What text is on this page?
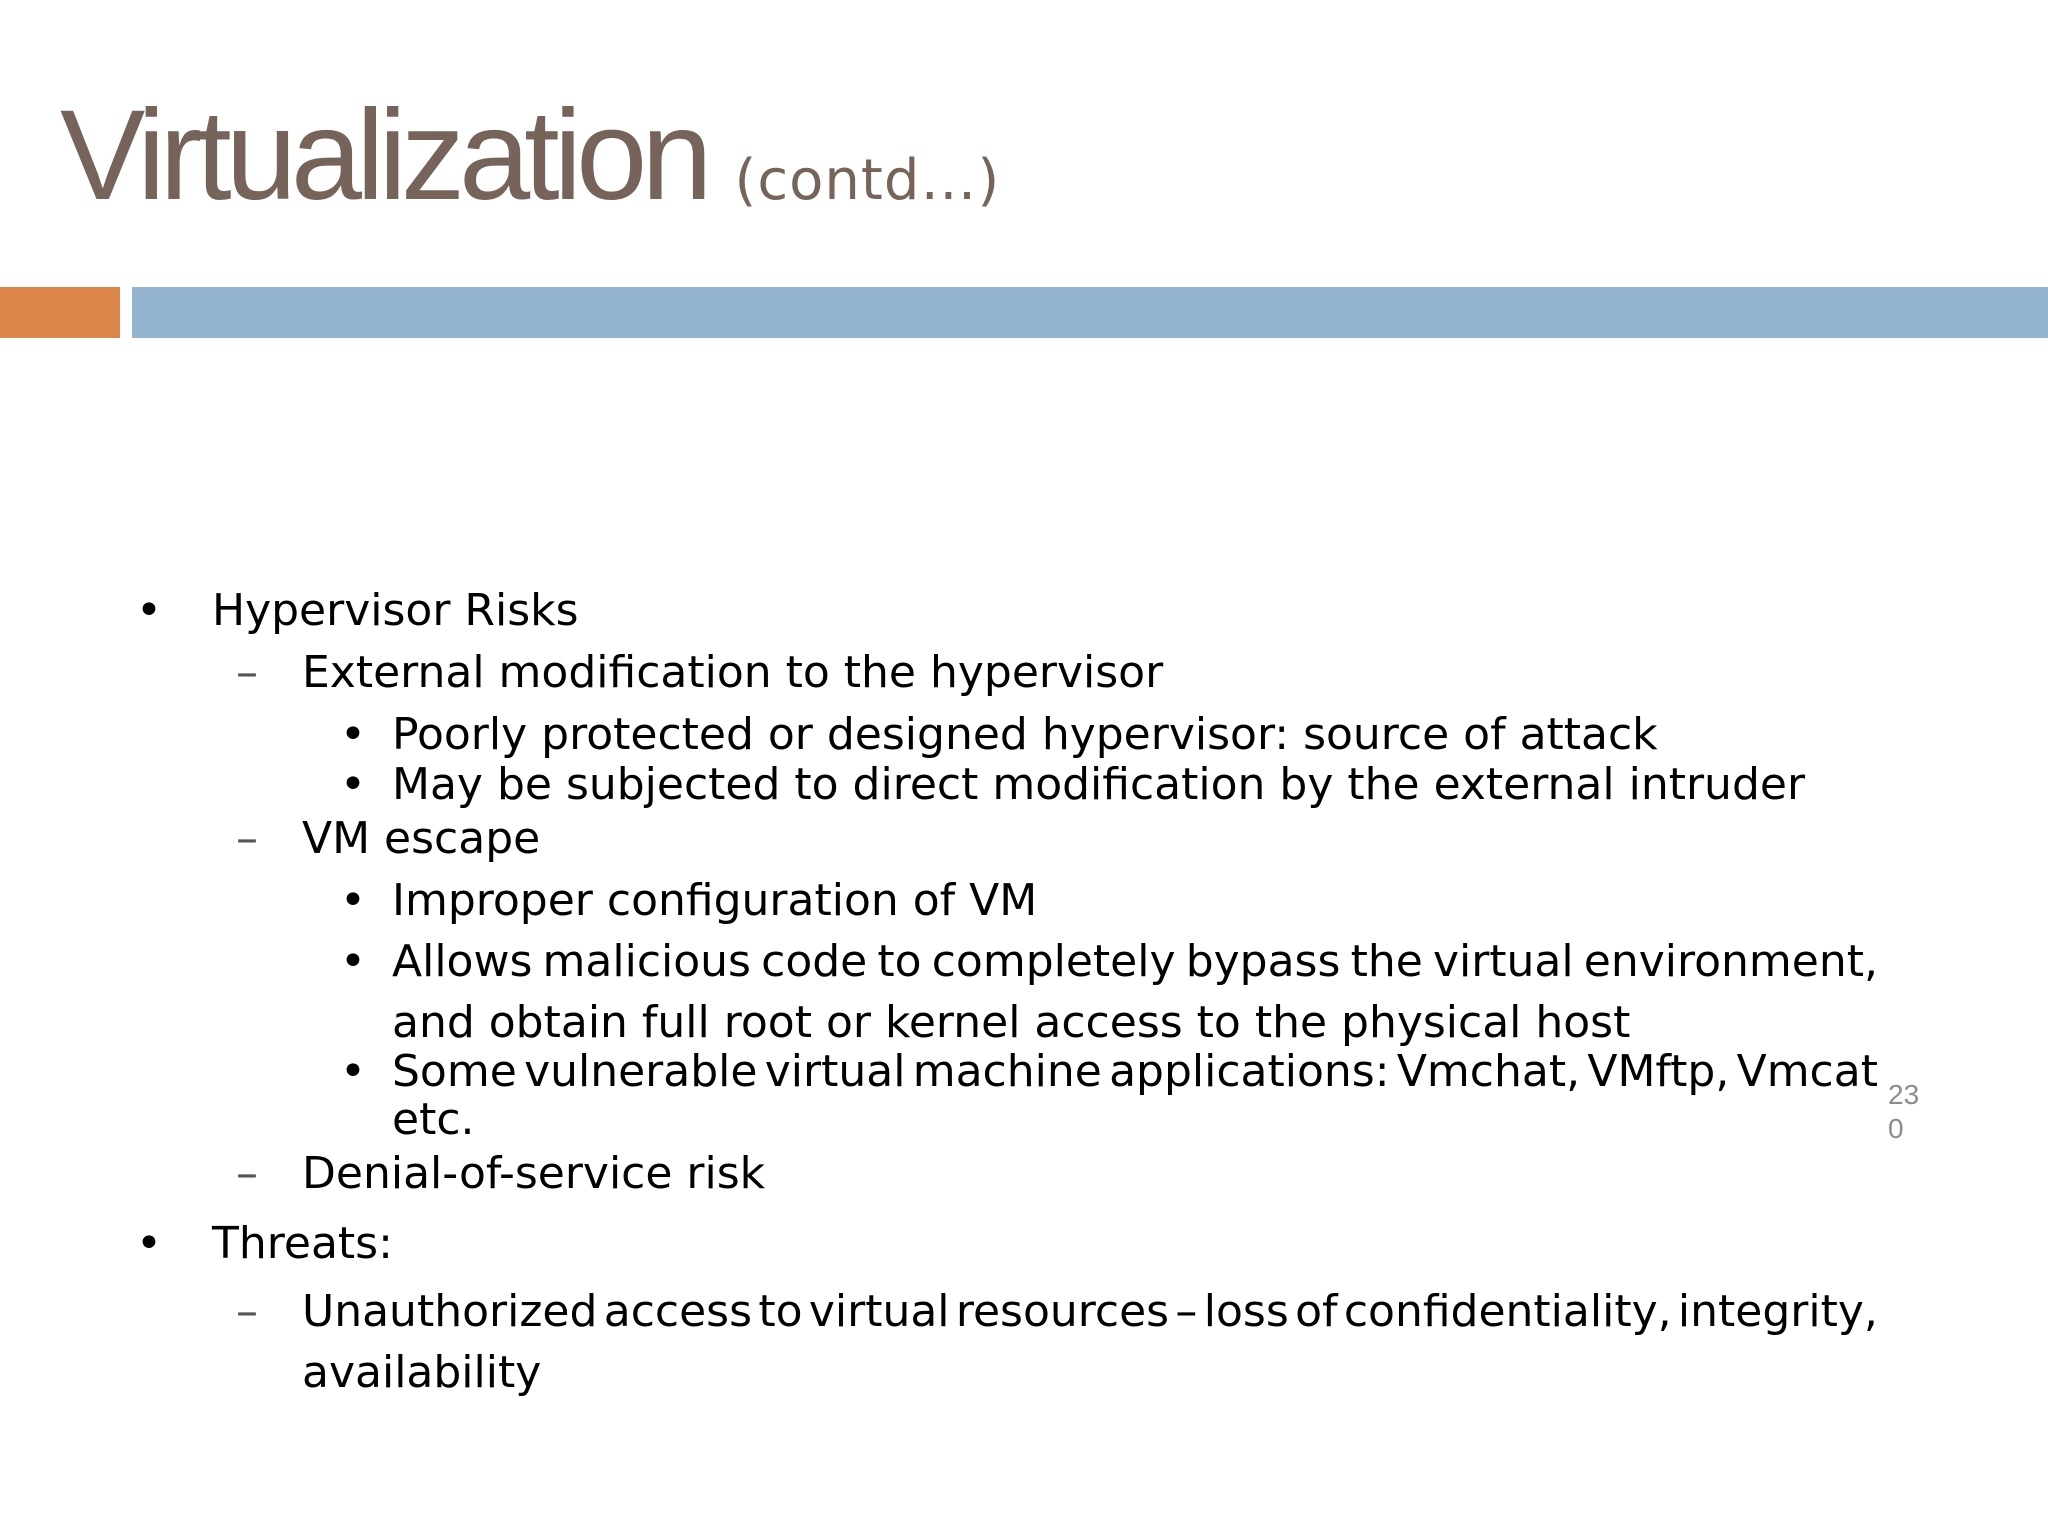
Virtualization (contd…)
• Hypervisor Risks
– External modification to the hypervisor
• Poorly protected or designed hypervisor: source of attack
• May be subjected to direct modification by the external intruder
– VM escape
• Improper configuration of VM
• Allows malicious code to completely bypass the virtual environment,
and obtain full root or kernel access to the physical host
• Some vulnerable virtual machine applications: Vmchat, VMftp, Vmcat
etc.
– Denial-of-service risk
• Threats:
– Unauthorized access to virtual resources – loss of confidentiality, integrity,
availability
230
